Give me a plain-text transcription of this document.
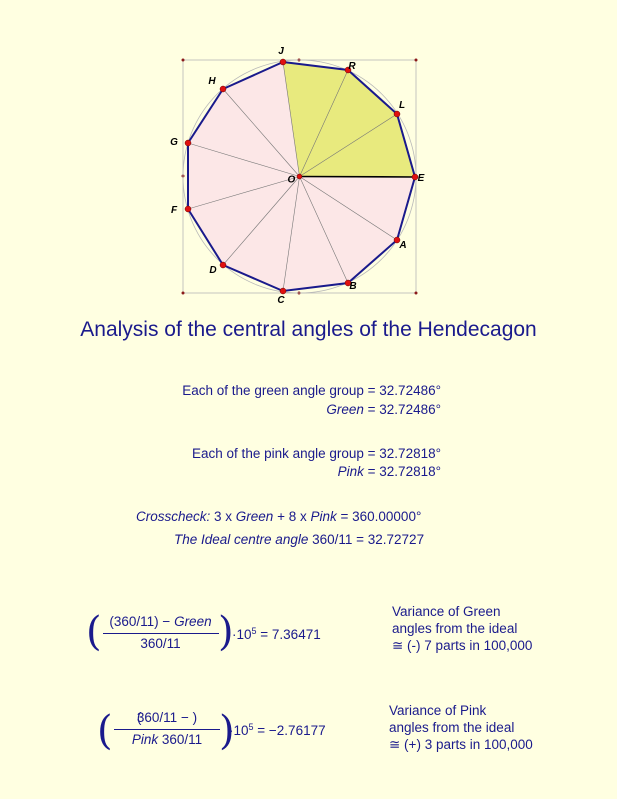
J
R
L
E
A
B
C
D
F
G
H
O
Analysis of the central angles of the Hendecagon
Each of the green angle group = 32.72486°
Green = 32.72486°
Each of the pink angle group = 32.72818°
Pink = 32.72818°
Crosscheck: 3 x Green + 8 x Pink = 360.00000°
The Ideal centre angle 360/11 = 32.72727
( (360/11) − Green
360/11 )
$\cdot 10^5 = 7.36471$
Variance of Green
angles from the ideal
≅ (-) 7 parts in 100,000
(	360/11 − )
Pink 360/11 )
$\cdot 10^5 = -2.76177$
Variance of Pink
angles from the ideal
≅ (+) 3 parts in 100,000
